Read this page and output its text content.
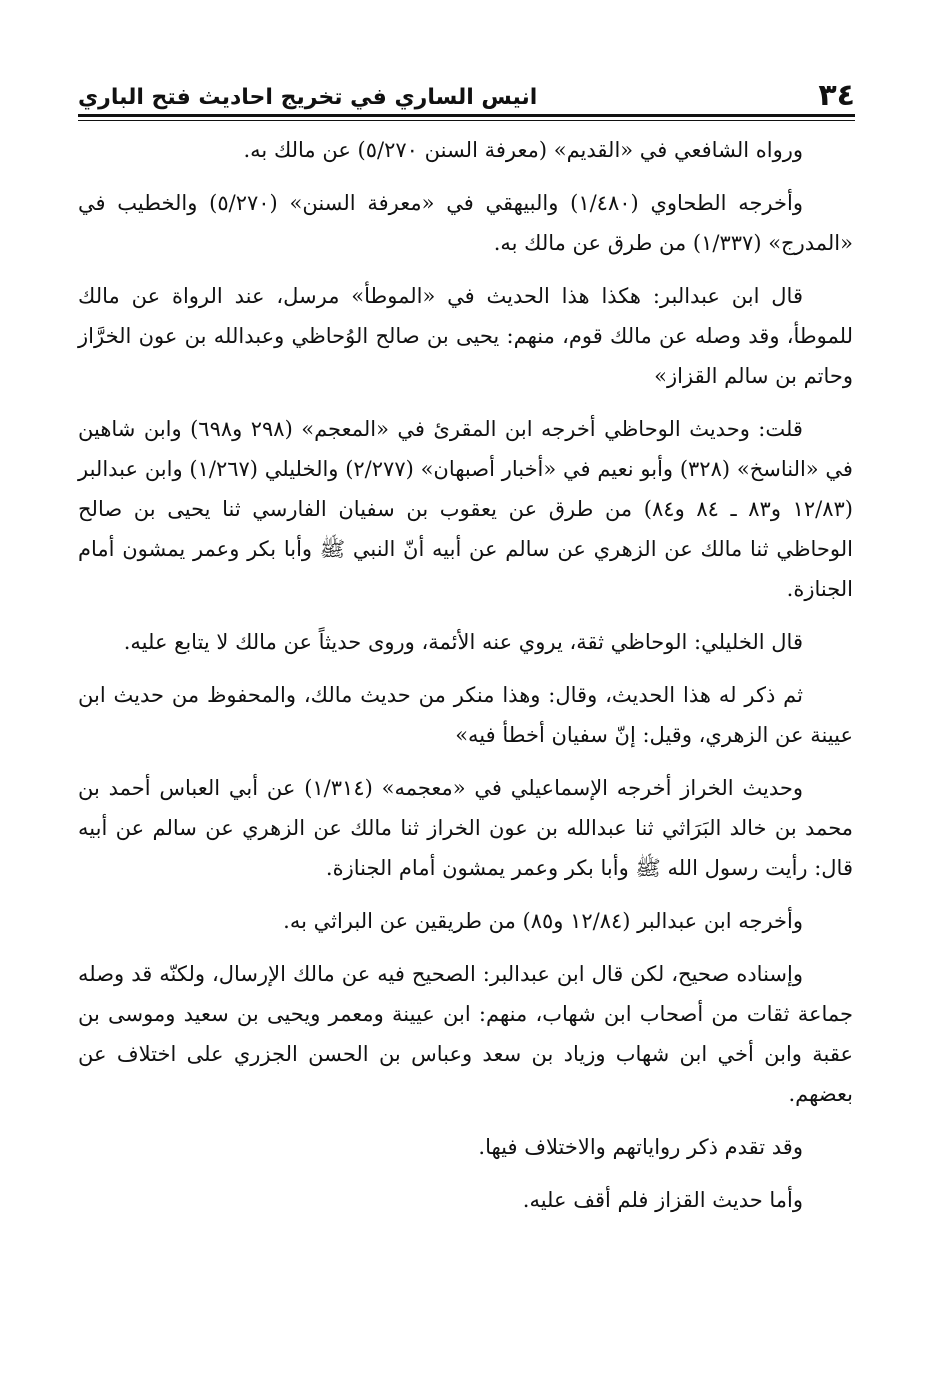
٣٤
انيس الساري في تخريج احاديث فتح الباري

ورواه الشافعي في «القديم» (معرفة السنن ٥/٢٧٠) عن مالك به.

وأخرجه الطحاوي (١/٤٨٠) والبيهقي في «معرفة السنن» (٥/٢٧٠) والخطيب في «المدرج» (١/٣٣٧) من طرق عن مالك به.

قال ابن عبدالبر: هكذا هذا الحديث في «الموطأ» مرسل، عند الرواة عن مالك للموطأ، وقد وصله عن مالك قوم، منهم: يحيى بن صالح الوُحاظي وعبدالله بن عون الخرَّاز وحاتم بن سالم القزاز»

قلت: وحديث الوحاظي أخرجه ابن المقرئ في «المعجم» (٢٩٨ و٦٩٨) وابن شاهين في «الناسخ» (٣٢٨) وأبو نعيم في «أخبار أصبهان» (٢/٢٧٧) والخليلي (١/٢٦٧) وابن عبدالبر (١٢/٨٣ و٨٣ ـ ٨٤ و٨٤) من طرق عن يعقوب بن سفيان الفارسي ثنا يحيى بن صالح الوحاظي ثنا مالك عن الزهري عن سالم عن أبيه أنّ النبي ﷺ وأبا بكر وعمر يمشون أمام الجنازة.

قال الخليلي: الوحاظي ثقة، يروي عنه الأئمة، وروى حديثاً عن مالك لا يتابع عليه.

ثم ذكر له هذا الحديث، وقال: وهذا منكر من حديث مالك، والمحفوظ من حديث ابن عيينة عن الزهري، وقيل: إنّ سفيان أخطأ فيه»

وحديث الخراز أخرجه الإسماعيلي في «معجمه» (١/٣١٤) عن أبي العباس أحمد بن محمد بن خالد البَرَاثي ثنا عبدالله بن عون الخراز ثنا مالك عن الزهري عن سالم عن أبيه قال: رأيت رسول الله ﷺ وأبا بكر وعمر يمشون أمام الجنازة.

وأخرجه ابن عبدالبر (١٢/٨٤ و٨٥) من طريقين عن البراثي به.

وإسناده صحيح، لكن قال ابن عبدالبر: الصحيح فيه عن مالك الإرسال، ولكنّه قد وصله جماعة ثقات من أصحاب ابن شهاب، منهم: ابن عيينة ومعمر ويحيى بن سعيد وموسى بن عقبة وابن أخي ابن شهاب وزياد بن سعد وعباس بن الحسن الجزري على اختلاف عن بعضهم.

وقد تقدم ذكر رواياتهم والاختلاف فيها.

وأما حديث القزاز فلم أقف عليه.
